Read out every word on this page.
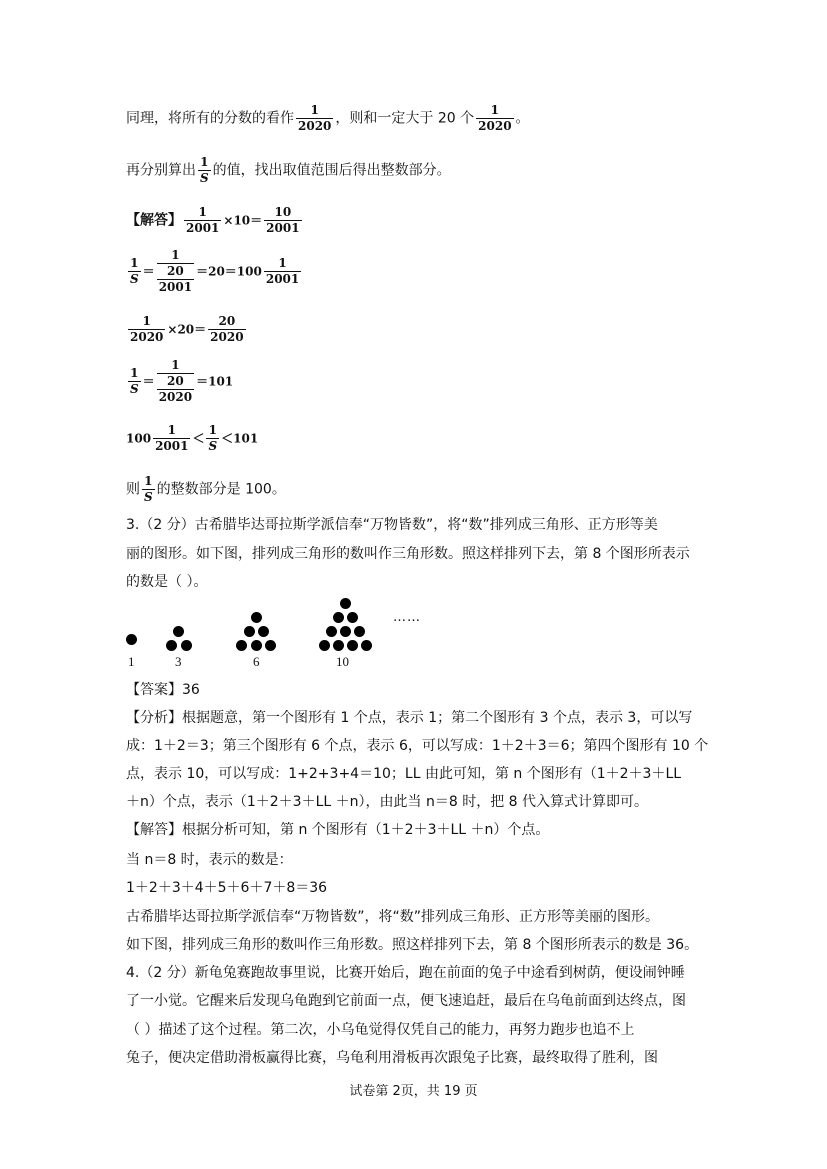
同理，将所有的分数的看作 $\frac{1}{2020}$ ，则和一定大于 20 个 $\frac{1}{2020}$ 。
再分别算出 $\frac{1}{S}$ 的值，找出取值范围后得出整数部分。
【解答】 $\frac{1}{2001} \times 10= \frac{10}{2001}$
$\frac{1}{S} = \frac{1}{\frac{20}{2001}} =20=100 \frac{1}{2001}$
$\frac{1}{2020} \times 20= \frac{20}{2020}$
$\frac{1}{S} = \frac{1}{\frac{20}{2020}} =101$
$100 \frac{1}{2001} < \frac{1}{S} <101$
则 $\frac{1}{S}$ 的整数部分是 100。
3.（2 分）古希腊毕达哥拉斯学派信奉“万物皆数”，将“数”排列成三角形、正方形等美
丽的图形。如下图，排列成三角形的数叫作三角形数。照这样排列下去，第 8 个图形所表示
的数是（ ）。
……
1	3	6	10
【答案】36
【分析】根据题意，第一个图形有 1 个点，表示 1；第二个图形有 3 个点，表示 3，可以写
成：1＋2＝3；第三个图形有 6 个点，表示 6，可以写成：1＋2＋3＝6；第四个图形有 10 个
点，表示 10，可以写成：1+2+3+4＝10；LL 由此可知，第 n 个图形有（1＋2＋3＋LL
＋n）个点，表示（1＋2＋3＋LL ＋n），由此当 n＝8 时，把 8 代入算式计算即可。
【解答】根据分析可知，第 n 个图形有（1＋2＋3＋LL ＋n）个点。
当 n＝8 时，表示的数是：
1＋2＋3＋4＋5＋6＋7＋8＝36
古希腊毕达哥拉斯学派信奉“万物皆数”，将“数”排列成三角形、正方形等美丽的图形。
如下图，排列成三角形的数叫作三角形数。照这样排列下去，第 8 个图形所表示的数是 36。
4.（2 分）新龟兔赛跑故事里说，比赛开始后，跑在前面的兔子中途看到树荫，便设闹钟睡
了一小觉。它醒来后发现乌龟跑到它前面一点，便飞速追赶，最后在乌龟前面到达终点，图
（ ）描述了这个过程。第二次，小乌龟觉得仅凭自己的能力，再努力跑步也追不上
兔子，便决定借助滑板赢得比赛，乌龟利用滑板再次跟兔子比赛，最终取得了胜利，图
试卷第 2页，共 19 页
